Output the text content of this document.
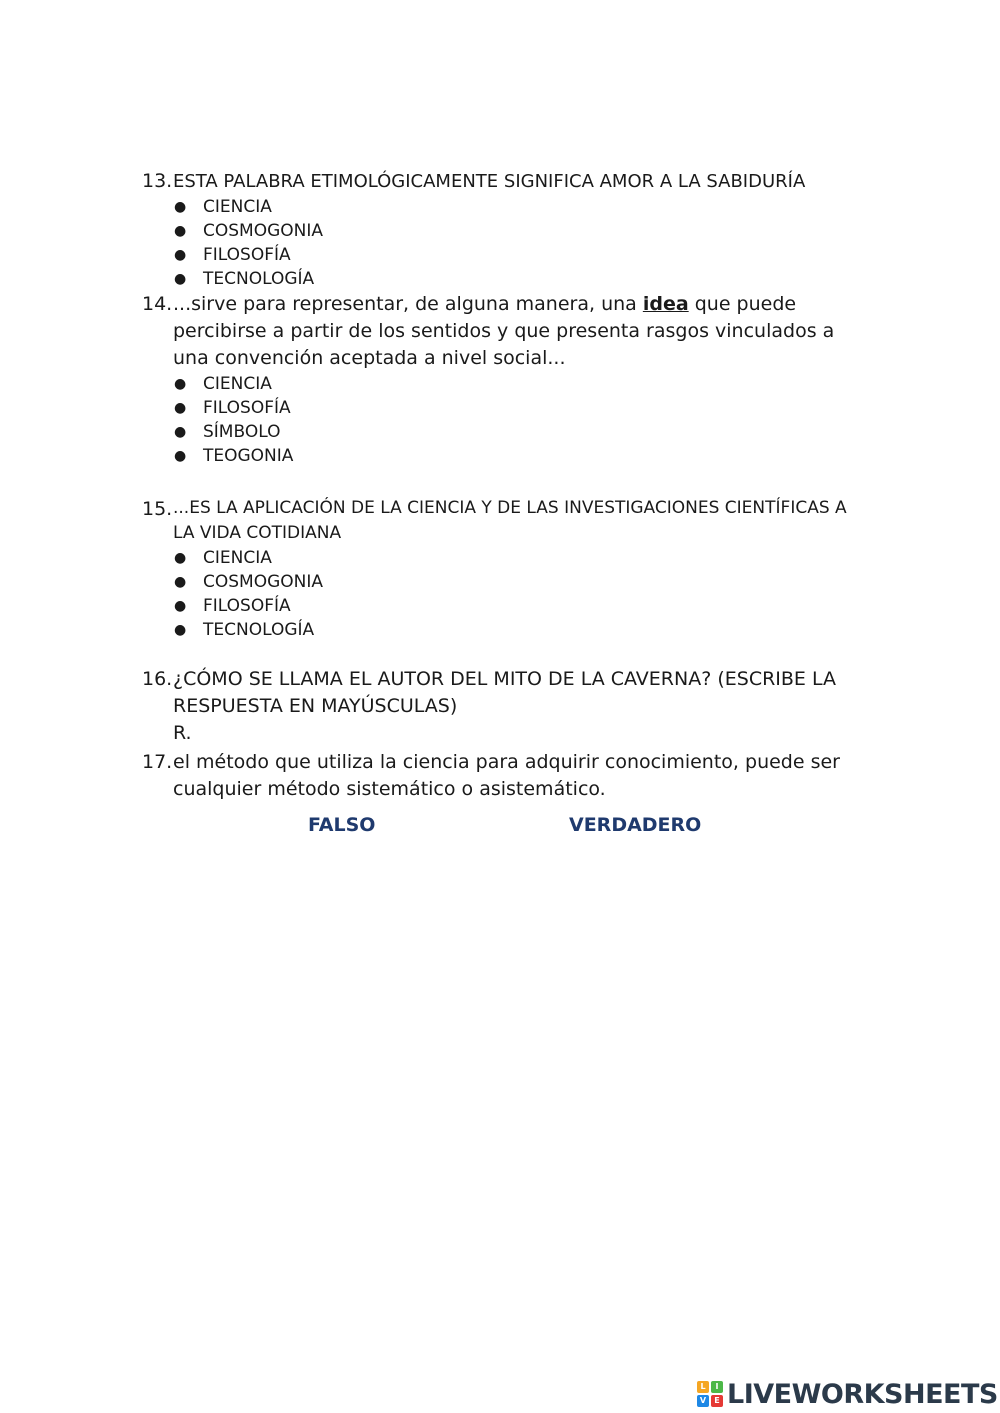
13. ESTA PALABRA ETIMOLÓGICAMENTE SIGNIFICA AMOR A LA SABIDURÍA
● CIENCIA
● COSMOGONIA
● FILOSOFÍA
● TECNOLOGÍA
14. ...sirve para representar, de alguna manera, una idea que puede percibirse a partir de los sentidos y que presenta rasgos vinculados a una convención aceptada a nivel social...
● CIENCIA
● FILOSOFÍA
● SÍMBOLO
● TEOGONIA
15. ...ES LA APLICACIÓN DE LA CIENCIA Y DE LAS INVESTIGACIONES CIENTÍFICAS A LA VIDA COTIDIANA
● CIENCIA
● COSMOGONIA
● FILOSOFÍA
● TECNOLOGÍA
16. ¿CÓMO SE LLAMA EL AUTOR DEL MITO DE LA CAVERNA? (ESCRIBE LA RESPUESTA EN MAYÚSCULAS)
R.
17. el método que utiliza la ciencia para adquirir conocimiento, puede ser cualquier método sistemático o asistemático.
FALSO	VERDADERO
L	I
V	E LIVEWORKSHEETS
